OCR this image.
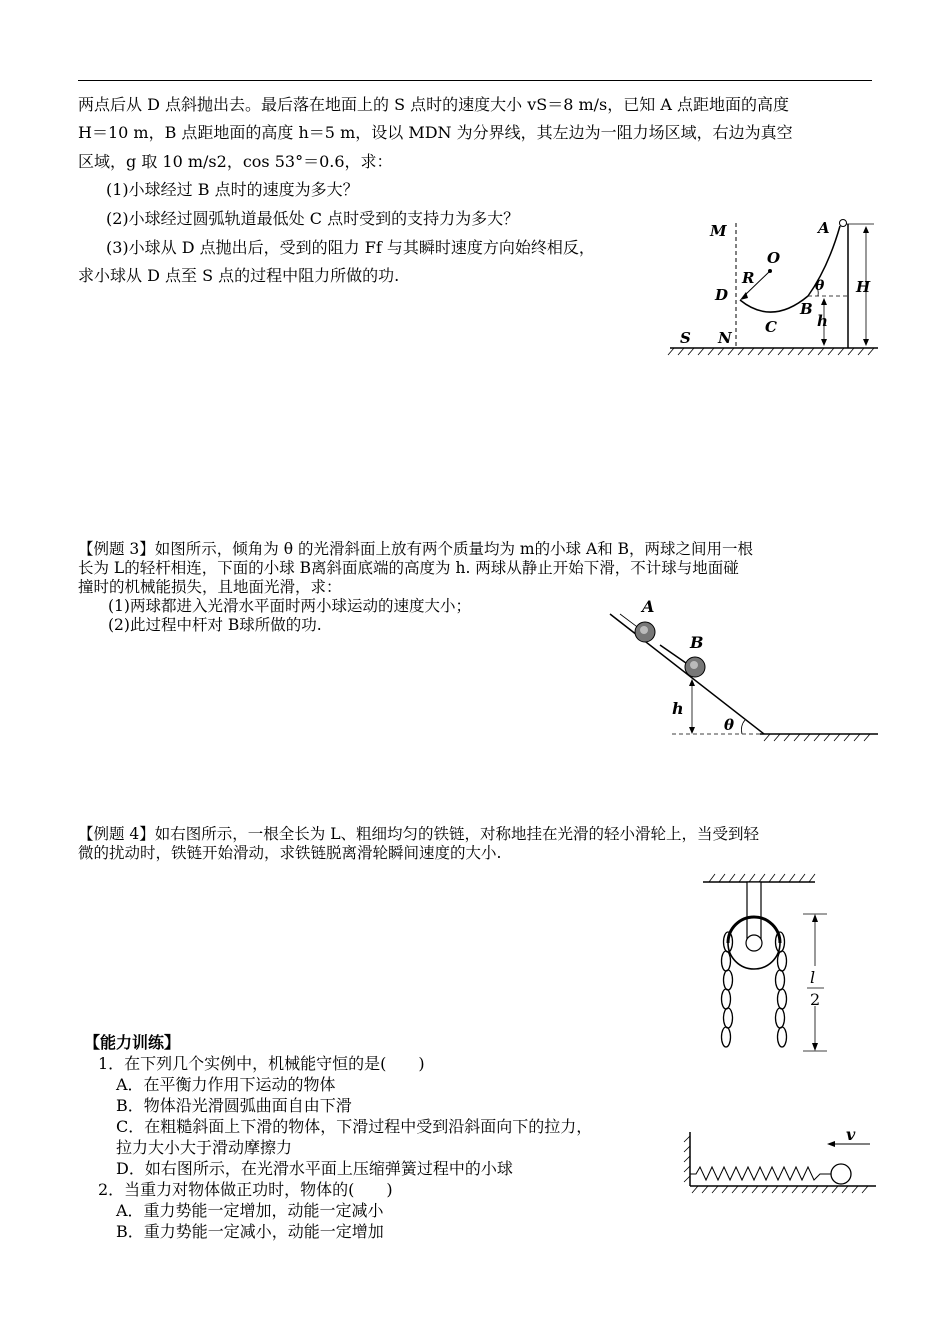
两点后从 D 点斜抛出去。最后落在地面上的 S 点时的速度大小 vS＝8 m/s，已知 A 点距地面的高度
H＝10 m，B 点距地面的高度 h＝5 m，设以 MDN 为分界线，其左边为一阻力场区域，右边为真空
区域，g 取 10 m/s2，cos 53°＝0.6，求：
(1)小球经过 B 点时的速度为多大？
(2)小球经过圆弧轨道最低处 C 点时受到的支持力为多大？
(3)小球从 D 点抛出后，受到的阻力 Ff 与其瞬时速度方向始终相反，
求小球从 D 点至 S 点的过程中阻力所做的功.
M	A
O
R	θ H
D
B
h
C
S N
【例题 3】如图所示，倾角为 θ 的光滑斜面上放有两个质量均为 m的小球 A和 B，两球之间用一根
长为 L的轻杆相连，下面的小球 B离斜面底端的高度为 h. 两球从静止开始下滑，不计球与地面碰
撞时的机械能损失，且地面光滑，求：
(1)两球都进入光滑水平面时两小球运动的速度大小；
(2)此过程中杆对 B球所做的功.
A
B
h
θ
【例题 4】如右图所示，一根全长为 L、粗细均匀的铁链，对称地挂在光滑的轻小滑轮上，当受到轻
微的扰动时，铁链开始滑动，求铁链脱离滑轮瞬间速度的大小.
l
2
【能力训练】
1．在下列几个实例中，机械能守恒的是(　　)
A．在平衡力作用下运动的物体
B．物体沿光滑圆弧曲面自由下滑
C．在粗糙斜面上下滑的物体，下滑过程中受到沿斜面向下的拉力，
拉力大小大于滑动摩擦力
D．如右图所示，在光滑水平面上压缩弹簧过程中的小球
2．当重力对物体做正功时，物体的(　　)
A．重力势能一定增加，动能一定减小
B．重力势能一定减小，动能一定增加
v
